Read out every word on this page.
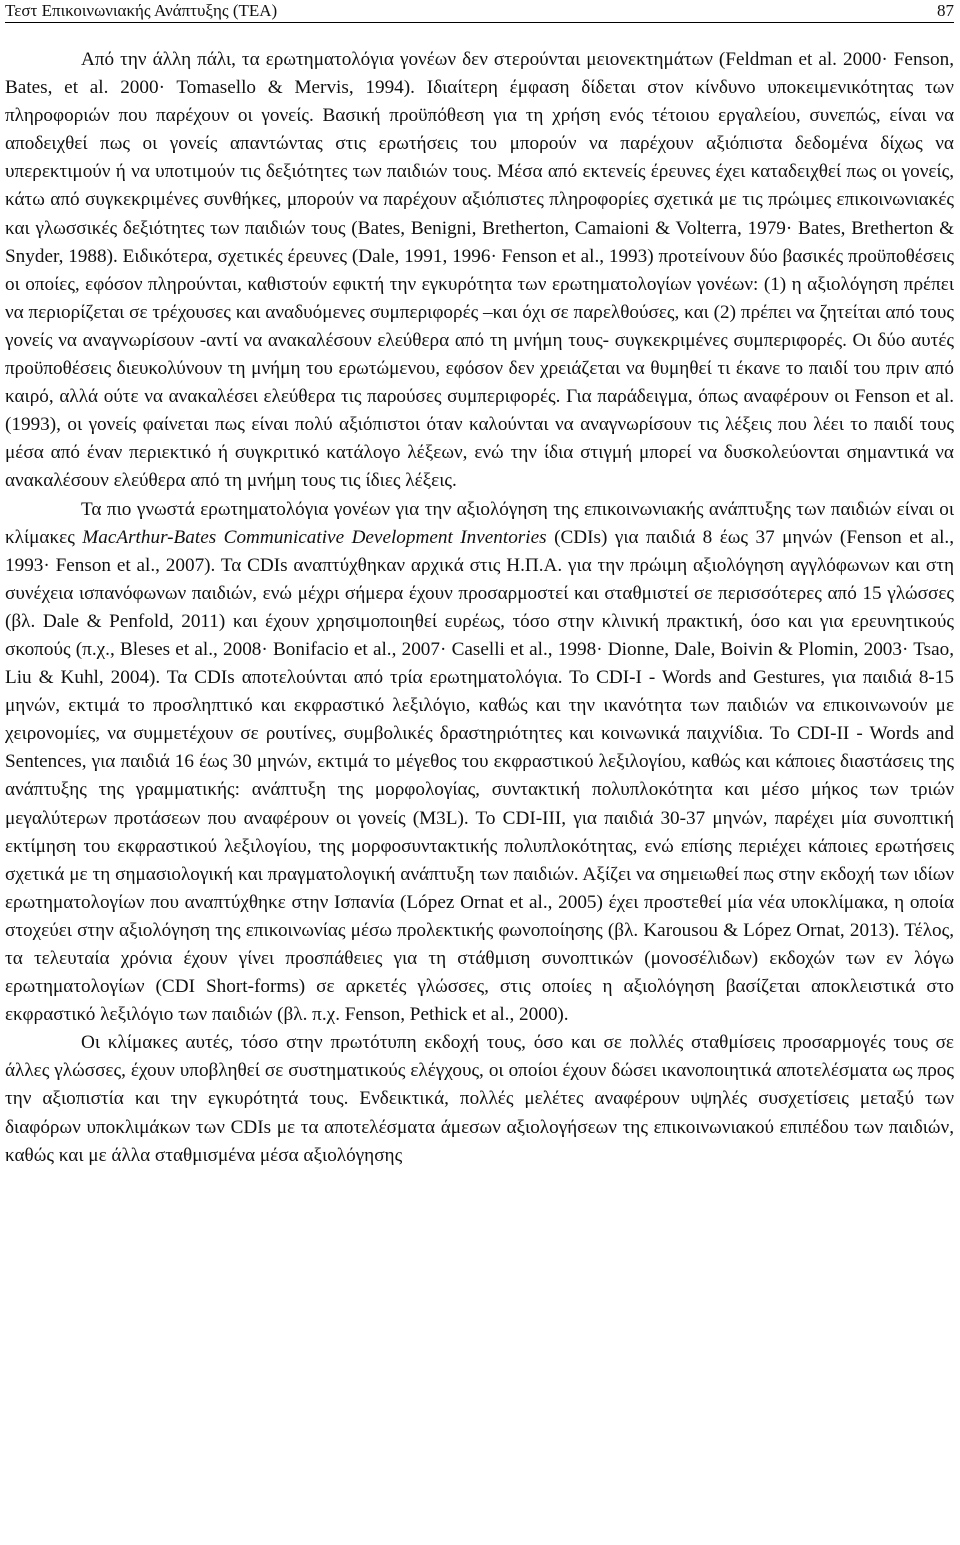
Τεστ Επικοινωνιακής Ανάπτυξης (ΤΕΑ)	87

Από την άλλη πάλι, τα ερωτηματολόγια γονέων δεν στερούνται μειονεκτημάτων (Feldman et al. 2000· Fenson, Bates, et al. 2000· Tomasello & Mervis, 1994). Ιδιαίτερη έμφαση δίδεται στον κίνδυνο υποκειμενικότητας των πληροφοριών που παρέχουν οι γονείς. Βασική προϋπόθεση για τη χρήση ενός τέτοιου εργαλείου, συνεπώς, είναι να αποδειχθεί πως οι γονείς απαντώντας στις ερωτήσεις του μπορούν να παρέχουν αξιόπιστα δεδομένα δίχως να υπερεκτιμούν ή να υποτιμούν τις δεξιότητες των παιδιών τους. Μέσα από εκτενείς έρευνες έχει καταδειχθεί πως οι γονείς, κάτω από συγκεκριμένες συνθήκες, μπορούν να παρέχουν αξιόπιστες πληροφορίες σχετικά με τις πρώιμες επικοινωνιακές και γλωσσικές δεξιότητες των παιδιών τους (Bates, Benigni, Bretherton, Camaioni & Volterra, 1979· Bates, Bretherton & Snyder, 1988). Ειδικότερα, σχετικές έρευνες (Dale, 1991, 1996· Fenson et al., 1993) προτείνουν δύο βασικές προϋποθέσεις οι οποίες, εφόσον πληρούνται, καθιστούν εφικτή την εγκυρότητα των ερωτηματολογίων γονέων: (1) η αξιολόγηση πρέπει να περιορίζεται σε τρέχουσες και αναδυόμενες συμπεριφορές –και όχι σε παρελθούσες, και (2) πρέπει να ζητείται από τους γονείς να αναγνωρίσουν -αντί να ανακαλέσουν ελεύθερα από τη μνήμη τους- συγκεκριμένες συμπεριφορές. Οι δύο αυτές προϋποθέσεις διευκολύνουν τη μνήμη του ερωτώμενου, εφόσον δεν χρειάζεται να θυμηθεί τι έκανε το παιδί του πριν από καιρό, αλλά ούτε να ανακαλέσει ελεύθερα τις παρούσες συμπεριφορές. Για παράδειγμα, όπως αναφέρουν οι Fenson et al. (1993), οι γονείς φαίνεται πως είναι πολύ αξιόπιστοι όταν καλούνται να αναγνωρίσουν τις λέξεις που λέει το παιδί τους μέσα από έναν περιεκτικό ή συγκριτικό κατάλογο λέξεων, ενώ την ίδια στιγμή μπορεί να δυσκολεύονται σημαντικά να ανακαλέσουν ελεύθερα από τη μνήμη τους τις ίδιες λέξεις.

Τα πιο γνωστά ερωτηματολόγια γονέων για την αξιολόγηση της επικοινωνιακής ανάπτυξης των παιδιών είναι οι κλίμακες MacArthur-Bates Communicative Development Inventories (CDIs) για παιδιά 8 έως 37 μηνών (Fenson et al., 1993· Fenson et al., 2007). Τα CDIs αναπτύχθηκαν αρχικά στις Η.Π.Α. για την πρώιμη αξιολόγηση αγγλόφωνων και στη συνέχεια ισπανόφωνων παιδιών, ενώ μέχρι σήμερα έχουν προσαρμοστεί και σταθμιστεί σε περισσότερες από 15 γλώσσες (βλ. Dale & Penfold, 2011) και έχουν χρησιμοποιηθεί ευρέως, τόσο στην κλινική πρακτική, όσο και για ερευνητικούς σκοπούς (π.χ., Bleses et al., 2008· Bonifacio et al., 2007· Caselli et al., 1998· Dionne, Dale, Boivin & Plomin, 2003· Tsao, Liu & Kuhl, 2004). Τα CDIs αποτελούνται από τρία ερωτηματολόγια. Το CDI-I - Words and Gestures, για παιδιά 8-15 μηνών, εκτιμά το προσληπτικό και εκφραστικό λεξιλόγιο, καθώς και την ικανότητα των παιδιών να επικοινωνούν με χειρονομίες, να συμμετέχουν σε ρουτίνες, συμβολικές δραστηριότητες και κοινωνικά παιχνίδια. Το CDI-II - Words and Sentences, για παιδιά 16 έως 30 μηνών, εκτιμά το μέγεθος του εκφραστικού λεξιλογίου, καθώς και κάποιες διαστάσεις της ανάπτυξης της γραμματικής: ανάπτυξη της μορφολογίας, συντακτική πολυπλοκότητα και μέσο μήκος των τριών μεγαλύτερων προτάσεων που αναφέρουν οι γονείς (M3L). Το CDI-III, για παιδιά 30-37 μηνών, παρέχει μία συνοπτική εκτίμηση του εκφραστικού λεξιλογίου, της μορφοσυντακτικής πολυπλοκότητας, ενώ επίσης περιέχει κάποιες ερωτήσεις σχετικά με τη σημασιολογική και πραγματολογική ανάπτυξη των παιδιών. Αξίζει να σημειωθεί πως στην εκδοχή των ιδίων ερωτηματολογίων που αναπτύχθηκε στην Ισπανία (López Ornat et al., 2005) έχει προστεθεί μία νέα υποκλίμακα, η οποία στοχεύει στην αξιολόγηση της επικοινωνίας μέσω προλεκτικής φωνοποίησης (βλ. Karousou & López Ornat, 2013). Τέλος, τα τελευταία χρόνια έχουν γίνει προσπάθειες για τη στάθμιση συνοπτικών (μονοσέλιδων) εκδοχών των εν λόγω ερωτηματολογίων (CDI Short-forms) σε αρκετές γλώσσες, στις οποίες η αξιολόγηση βασίζεται αποκλειστικά στο εκφραστικό λεξιλόγιο των παιδιών (βλ. π.χ. Fenson, Pethick et al., 2000).

Οι κλίμακες αυτές, τόσο στην πρωτότυπη εκδοχή τους, όσο και σε πολλές σταθμίσεις προσαρμογές τους σε άλλες γλώσσες, έχουν υποβληθεί σε συστηματικούς ελέγχους, οι οποίοι έχουν δώσει ικανοποιητικά αποτελέσματα ως προς την αξιοπιστία και την εγκυρότητά τους. Ενδεικτικά, πολλές μελέτες αναφέρουν υψηλές συσχετίσεις μεταξύ των διαφόρων υποκλιμάκων των CDIs με τα αποτελέσματα άμεσων αξιολογήσεων της επικοινωνιακού επιπέδου των παιδιών, καθώς και με άλλα σταθμισμένα μέσα αξιολόγησης
